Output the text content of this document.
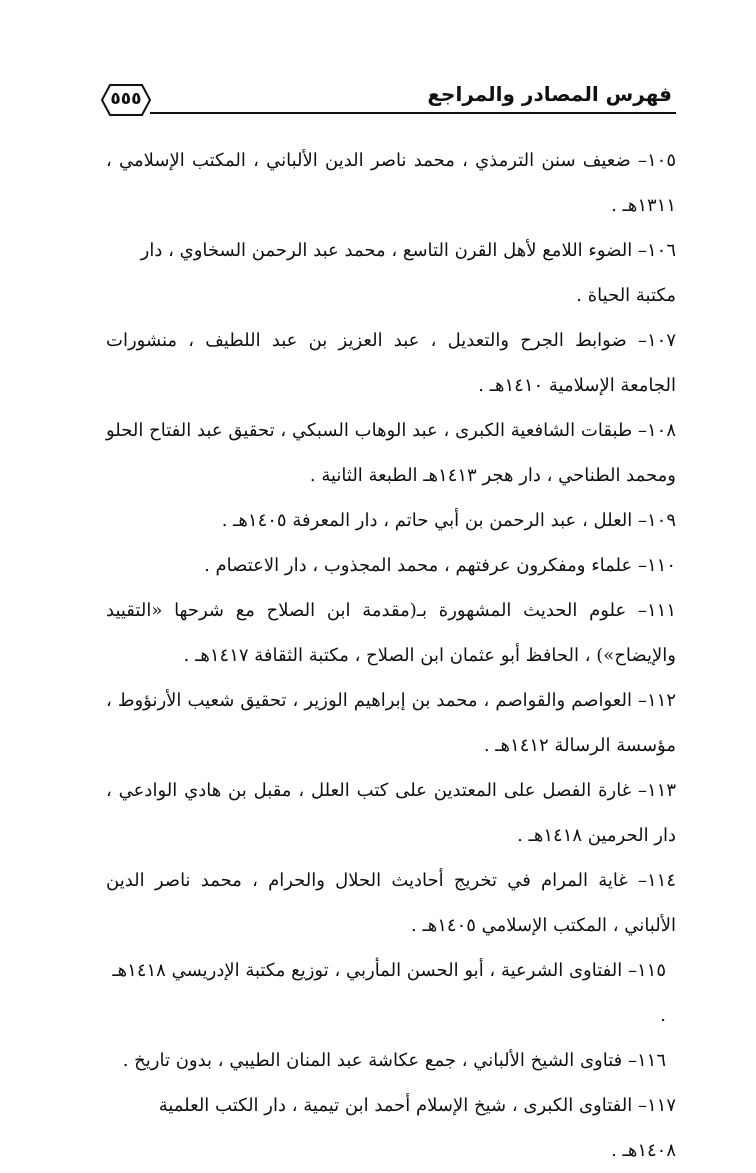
فهرس المصادر والمراجع
٥٥٥

١٠٥– ضعيف سنن الترمذي ، محمد ناصر الدين الألباني ، المكتب الإسلامي ، ١٣١١هـ .

١٠٦– الضوء اللامع لأهل القرن التاسع ، محمد عبد الرحمن السخاوي ، دار مكتبة الحياة .

١٠٧– ضوابط الجرح والتعديل ، عبد العزيز بن عبد اللطيف ، منشورات الجامعة الإسلامية ١٤١٠هـ .

١٠٨– طبقات الشافعية الكبرى ، عبد الوهاب السبكي ، تحقيق عبد الفتاح الحلو ومحمد الطناحي ، دار هجر ١٤١٣هـ الطبعة الثانية .

١٠٩– العلل ، عبد الرحمن بن أبي حاتم ، دار المعرفة ١٤٠٥هـ .

١١٠– علماء ومفكرون عرفتهم ، محمد المجذوب ، دار الاعتصام .

١١١– علوم الحديث المشهورة بـ(مقدمة ابن الصلاح مع شرحها «التقييد والإيضاح») ، الحافظ أبو عثمان ابن الصلاح ، مكتبة الثقافة ١٤١٧هـ .

١١٢– العواصم والقواصم ، محمد بن إبراهيم الوزير ، تحقيق شعيب الأرنؤوط ، مؤسسة الرسالة ١٤١٢هـ .

١١٣– غارة الفصل على المعتدين على كتب العلل ، مقبل بن هادي الوادعي ، دار الحرمين ١٤١٨هـ .

١١٤– غاية المرام في تخريج أحاديث الحلال والحرام ، محمد ناصر الدين الألباني ، المكتب الإسلامي ١٤٠٥هـ .

١١٥– الفتاوى الشرعية ، أبو الحسن المأربي ، توزيع مكتبة الإدريسي ١٤١٨هـ .

١١٦– فتاوى الشيخ الألباني ، جمع عكاشة عبد المنان الطيبي ، بدون تاريخ .

١١٧– الفتاوى الكبرى ، شيخ الإسلام أحمد ابن تيمية ، دار الكتب العلمية ١٤٠٨هـ .
